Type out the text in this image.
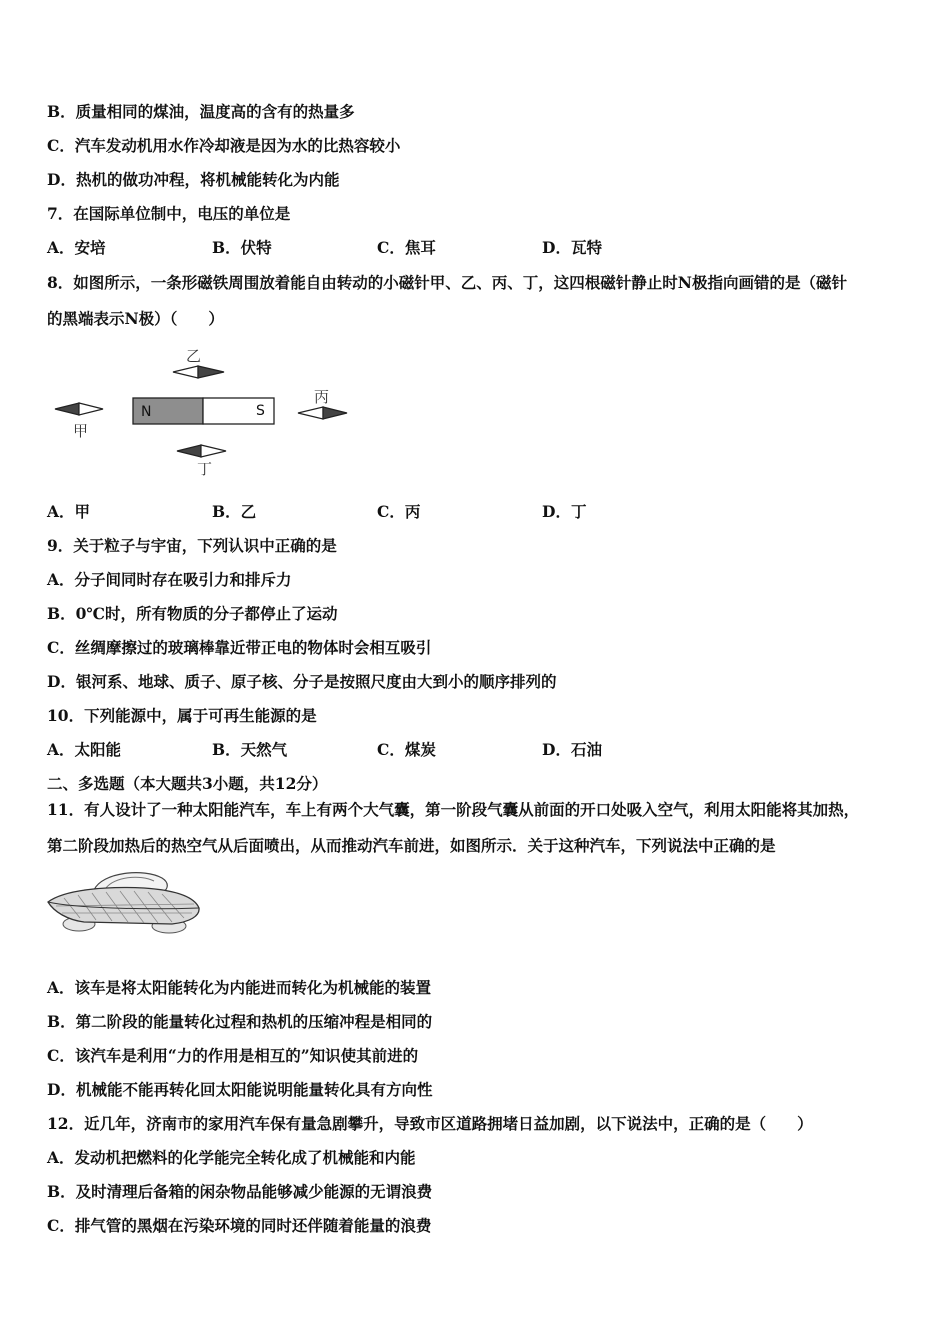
B．质量相同的煤油，温度高的含有的热量多
C．汽车发动机用水作冷却液是因为水的比热容较小
D．热机的做功冲程，将机械能转化为内能
7．在国际单位制中，电压的单位是
A．安培	B．伏特	C．焦耳	D．瓦特
8．如图所示，一条形磁铁周围放着能自由转动的小磁针甲、乙、丙、丁，这四根磁针静止时N极指向画错的是（磁针
的黑端表示N极）（　　）
乙
N	S
甲
丙
丁
A．甲	B．乙	C．丙	D．丁
9．关于粒子与宇宙，下列认识中正确的是
A．分子间同时存在吸引力和排斥力
B．0℃时，所有物质的分子都停止了运动
C．丝绸摩擦过的玻璃棒靠近带正电的物体时会相互吸引
D．银河系、地球、质子、原子核、分子是按照尺度由大到小的顺序排列的
10．下列能源中，属于可再生能源的是
A．太阳能	B．天然气	C．煤炭	D．石油
二、多选题（本大题共3小题，共12分）
11．有人设计了一种太阳能汽车，车上有两个大气囊，第一阶段气囊从前面的开口处吸入空气，利用太阳能将其加热，
第二阶段加热后的热空气从后面喷出，从而推动汽车前进，如图所示．关于这种汽车，下列说法中正确的是
A．该车是将太阳能转化为内能进而转化为机械能的装置
B．第二阶段的能量转化过程和热机的压缩冲程是相同的
C．该汽车是利用“力的作用是相互的”知识使其前进的
D．机械能不能再转化回太阳能说明能量转化具有方向性
12．近几年，济南市的家用汽车保有量急剧攀升，导致市区道路拥堵日益加剧，以下说法中，正确的是（　　）
A．发动机把燃料的化学能完全转化成了机械能和内能
B．及时清理后备箱的闲杂物品能够减少能源的无谓浪费
C．排气管的黑烟在污染环境的同时还伴随着能量的浪费
